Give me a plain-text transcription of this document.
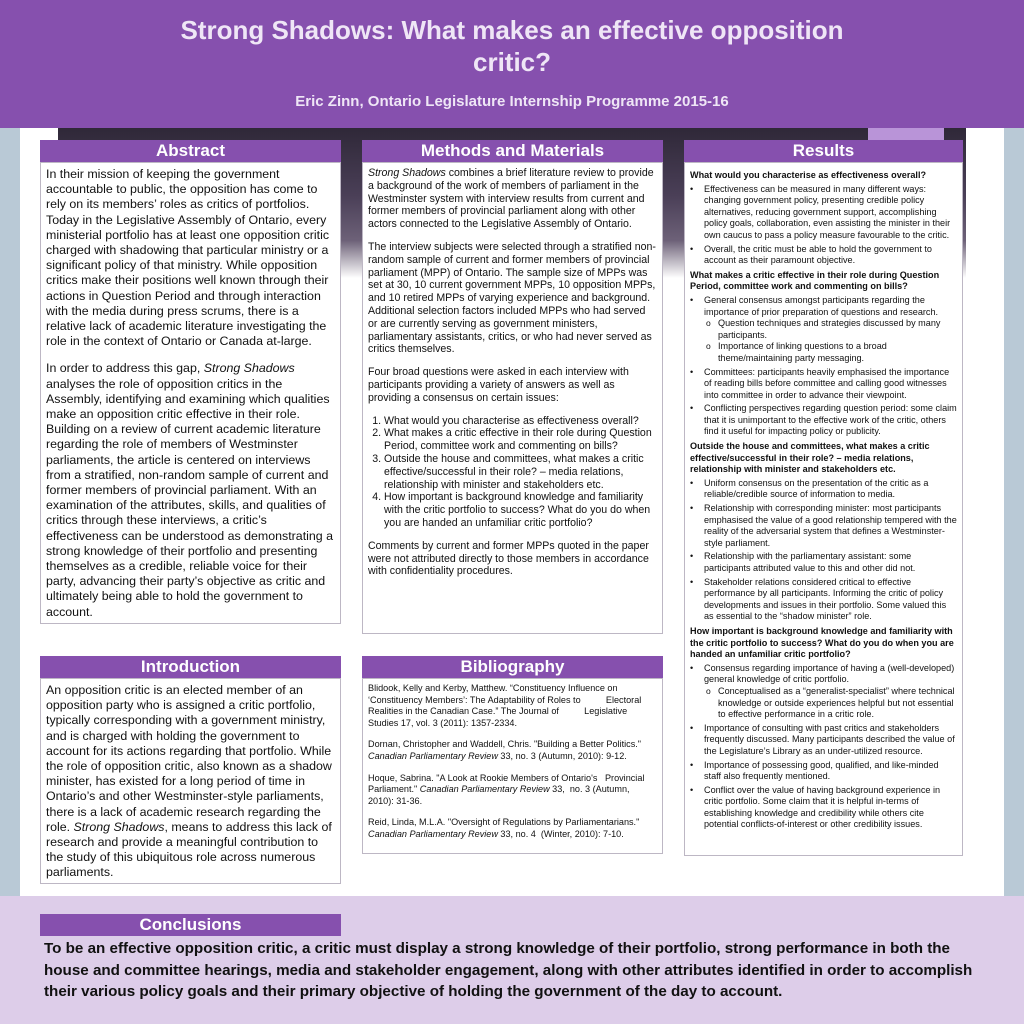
Strong Shadows: What makes an effective opposition critic?
Eric Zinn, Ontario Legislature Internship Programme 2015-16
Abstract

In their mission of keeping the government accountable to public, the opposition has come to rely on its members’ roles as critics of portfolios. Today in the Legislative Assembly of Ontario, every ministerial portfolio has at least one opposition critic charged with shadowing that particular ministry or a significant policy of that ministry. While opposition critics make their positions well known through their actions in Question Period and through interaction with the media during press scrums, there is a relative lack of academic literature investigating the role in the context of Ontario or Canada at-large.

In order to address this gap, Strong Shadows analyses the role of opposition critics in the Assembly, identifying and examining which qualities make an opposition critic effective in their role. Building on a review of current academic literature regarding the role of members of Westminster parliaments, the article is centered on interviews from a stratified, non-random sample of current and former members of provincial parliament. With an examination of the attributes, skills, and qualities of critics through these interviews, a critic’s effectiveness can be understood as demonstrating a strong knowledge of their portfolio and presenting themselves as a credible, reliable voice for their party, advancing their party’s objective as critic and ultimately being able to hold the government to account.

Introduction

An opposition critic is an elected member of an opposition party who is assigned a critic portfolio, typically corresponding with a government ministry, and is charged with holding the government to account for its actions regarding that portfolio. While the role of opposition critic, also known as a shadow minister, has existed for a long period of time in Ontario’s and other Westminster-style parliaments, there is a lack of academic research regarding the role. Strong Shadows, means to address this lack of research and provide a meaningful contribution to the study of this ubiquitous role across numerous parliaments.

Methods and Materials

Strong Shadows combines a brief literature review to provide a background of the work of members of parliament in the Westminster system with interview results from current and former members of provincial parliament along with other actors connected to the Legislative Assembly of Ontario.

The interview subjects were selected through a stratified non-random sample of current and former members of provincial parliament (MPP) of Ontario. The sample size of MPPs was set at 30, 10 current government MPPs, 10 opposition MPPs, and 10 retired MPPs of varying experience and background. Additional selection factors included MPPs who had served or are currently serving as government ministers, parliamentary assistants, critics, or who had never served as critics themselves.

Four broad questions were asked in each interview with participants providing a variety of answers as well as providing a consensus on certain issues:

1. What would you characterise as effectiveness overall?
2. What makes a critic effective in their role during Question Period, committee work and commenting on bills?
3. Outside the house and committees, what makes a critic effective/successful in their role? – media relations, relationship with minister and stakeholders etc.
4. How important is background knowledge and familiarity with the critic portfolio to success? What do you do when you are handed an unfamiliar critic portfolio?

Comments by current and former MPPs quoted in the paper were not attributed directly to those members in accordance with confidentiality procedures.

Bibliography

Blidook, Kelly and Kerby, Matthew. “Constituency Influence on ‘Constituency Members’: The Adaptability of Roles to          Electoral Realities in the Canadian Case.” The Journal of          Legislative Studies 17, vol. 3 (2011): 1357-2334.

Dornan, Christopher and Waddell, Chris. "Building a Better Politics." Canadian Parliamentary Review 33, no. 3 (Autumn, 2010): 9-12.

Hoque, Sabrina. "A Look at Rookie Members of Ontario's   Provincial Parliament." Canadian Parliamentary Review 33,  no. 3 (Autumn, 2010): 31-36.

Reid, Linda, M.L.A. "Oversight of Regulations by Parliamentarians." Canadian Parliamentary Review 33, no. 4  (Winter, 2010): 7-10.

Results
What would you characterise as effectiveness overall?
• Effectiveness can be measured in many different ways: changing government policy, presenting credible policy alternatives, reducing government support, accomplishing policy goals, collaboration, even assisting the minister in their own caucus to pass a policy measure favourable to the critic.
• Overall, the critic must be able to hold the government to account as their paramount objective.
What makes a critic effective in their role during Question Period, committee work and commenting on bills?
• General consensus amongst participants regarding the importance of prior preparation of questions and research.
o Question techniques and strategies discussed by many participants.
o Importance of linking questions to a broad theme/maintaining party messaging.
• Committees: participants heavily emphasised the importance of reading bills before committee and calling good witnesses into committee in order to advance their viewpoint.
• Conflicting perspectives regarding question period: some claim that it is unimportant to the effective work of the critic, others find it useful for impacting policy or publicity.
Outside the house and committees, what makes a critic effective/successful in their role? – media relations, relationship with minister and stakeholders etc.
• Uniform consensus on the presentation of the critic as a reliable/credible source of information to media.
• Relationship with corresponding minister: most participants emphasised the value of a good relationship tempered with the reality of the adversarial system that defines a Westminster-style parliament.
• Relationship with the parliamentary assistant: some participants attributed value to this and other did not.
• Stakeholder relations considered critical to effective performance by all participants. Informing the critic of policy developments and issues in their portfolio. Some valued this as essential to the “shadow minister” role.
How important is background knowledge and familiarity with the critic portfolio to success? What do you do when you are handed an unfamiliar critic portfolio?
• Consensus regarding importance of having a (well-developed) general knowledge of critic portfolio.
o Conceptualised as a “generalist-specialist” where technical knowledge or outside experiences helpful but not essential to effective performance in a critic role.
• Importance of consulting with past critics and stakeholders frequently discussed. Many participants described the value of the Legislature’s Library as an under-utilized resource.
• Importance of possessing good, qualified, and like-minded staff also frequently mentioned.
• Conflict over the value of having background experience in critic portfolio. Some claim that it is helpful in-terms of establishing knowledge and credibility while others cite potential conflicts-of-interest or other credibility issues.
Conclusions
To be an effective opposition critic, a critic must display a strong knowledge of their portfolio, strong performance in both the house and committee hearings, media and stakeholder engagement, along with other attributes identified in order to accomplish their various policy goals and their primary objective of holding the government of the day to account.
